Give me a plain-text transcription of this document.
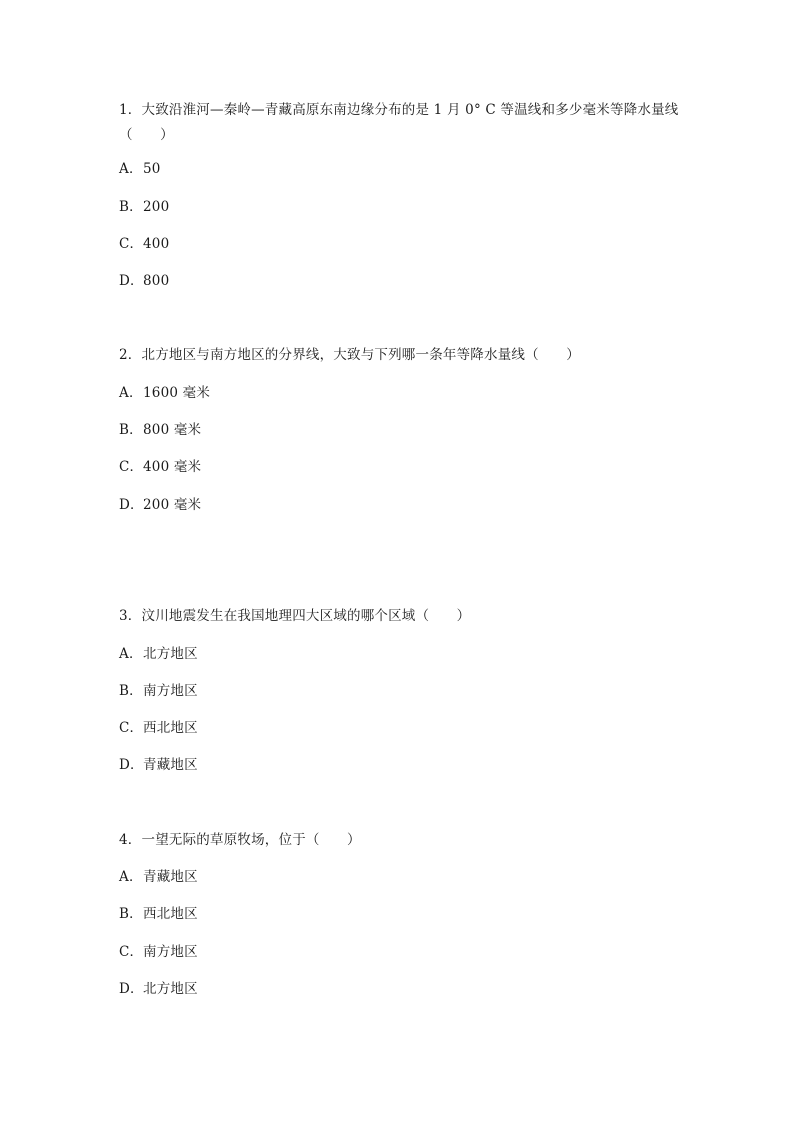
1．大致沿淮河—秦岭—青藏高原东南边缘分布的是 1 月 0° C 等温线和多少毫米等降水量线（　　）
A．50
B．200
C．400
D．800
2．北方地区与南方地区的分界线，大致与下列哪一条年等降水量线（　　）
A．1600 毫米
B．800 毫米
C．400 毫米
D．200 毫米
3．汶川地震发生在我国地理四大区域的哪个区域（　　）
A．北方地区
B．南方地区
C．西北地区
D．青藏地区
4．一望无际的草原牧场，位于（　　）
A．青藏地区
B．西北地区
C．南方地区
D．北方地区
